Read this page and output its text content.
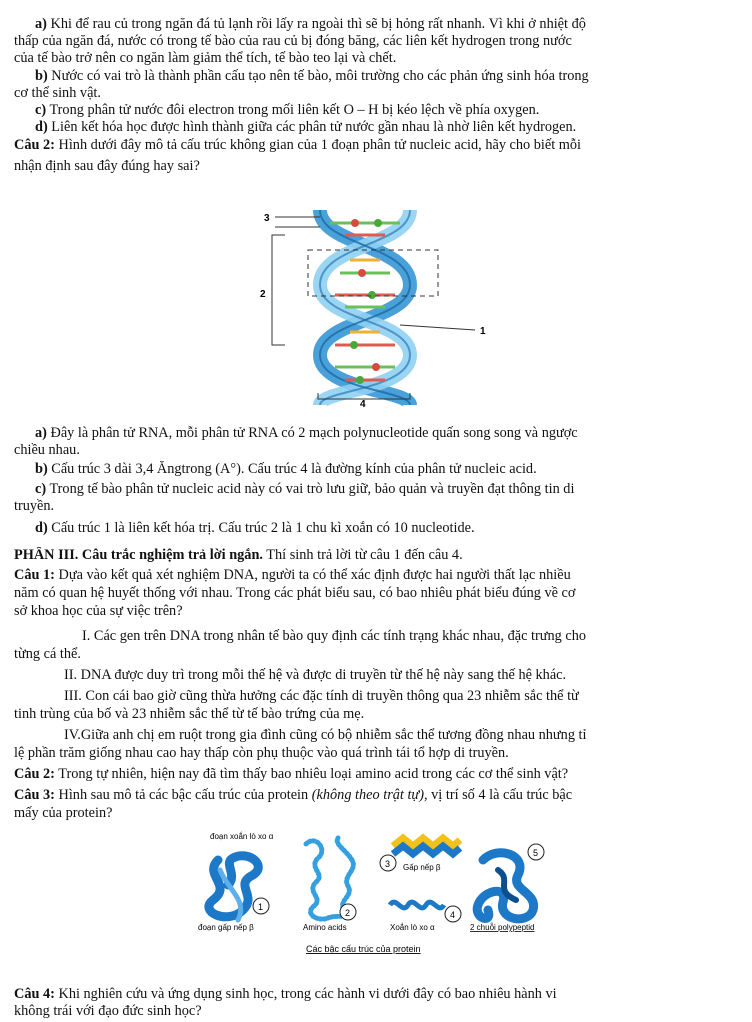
a) Khi để rau củ trong ngăn đá tủ lạnh rồi lấy ra ngoài thì sẽ bị hỏng rất nhanh. Vì khi ở nhiệt độ
thấp của ngăn đá, nước có trong tế bào của rau củ bị đóng băng, các liên kết hydrogen trong nước
của tế bào trở nên co ngăn làm giảm thể tích, tế bào teo lại và chết.
b) Nước có vai trò là thành phần cấu tạo nên tế bào, môi trường cho các phản ứng sinh hóa trong
cơ thể sinh vật.
c) Trong phân tử nước đôi electron trong mối liên kết O – H bị kéo lệch về phía oxygen.
d) Liên kết hóa học được hình thành giữa các phân tử nước gần nhau là nhờ liên kết hydrogen.
Câu 2: Hình dưới đây mô tả cấu trúc không gian của 1 đoạn phân tử nucleic acid, hãy cho biết mỗi
nhận định sau đây đúng hay sai?
3
2
1
4
a) Đây là phân tử RNA, mỗi phân tử RNA có 2 mạch polynucleotide quấn song song và ngược
chiều nhau.
b) Cấu trúc 3 dài 3,4 Ăngtrong (A°). Cấu trúc 4 là đường kính của phân tử nucleic acid.
c) Trong tế bào phân tử nucleic acid này có vai trò lưu giữ, bảo quản và truyền đạt thông tin di
truyền.
d) Cấu trúc 1 là liên kết hóa trị. Cấu trúc 2 là 1 chu kì xoắn có 10 nucleotide.
PHẦN III. Câu trắc nghiệm trả lời ngắn. Thí sinh trả lời từ câu 1 đến câu 4.
Câu 1: Dựa vào kết quả xét nghiệm DNA, người ta có thể xác định được hai người thất lạc nhiều
năm có quan hệ huyết thống với nhau. Trong các phát biểu sau, có bao nhiêu phát biểu đúng về cơ
sở khoa học của sự việc trên?
I. Các gen trên DNA trong nhân tế bào quy định các tính trạng khác nhau, đặc trưng cho
từng cá thể.
II. DNA được duy trì trong mỗi thế hệ và được di truyền từ thế hệ này sang thế hệ khác.
III. Con cái bao giờ cũng thừa hưởng các đặc tính di truyền thông qua 23 nhiễm sắc thể từ
tinh trùng của bố và 23 nhiễm sắc thể từ tế bào trứng của mẹ.
IV.Giữa anh chị em ruột trong gia đình cũng có bộ nhiễm sắc thể tương đồng nhau nhưng tỉ
lệ phần trăm giống nhau cao hay thấp còn phụ thuộc vào quá trình tái tổ hợp di truyền.
Câu 2: Trong tự nhiên, hiện nay đã tìm thấy bao nhiêu loại amino acid trong các cơ thể sinh vật?
Câu 3: Hình sau mô tả các bậc cấu trúc của protein (không theo trật tự), vị trí số 4 là cấu trúc bậc
mấy của protein?
đoạn xoắn lò xo α
1
đoạn gấp nếp β
2
Amino acids
3 Gấp nếp β
4
Xoắn lò xo α
5
2 chuỗi polypeptid
Các bậc cấu trúc của protein
Câu 4: Khi nghiên cứu và ứng dụng sinh học, trong các hành vi dưới đây có bao nhiêu hành vi
không trái với đạo đức sinh học?
